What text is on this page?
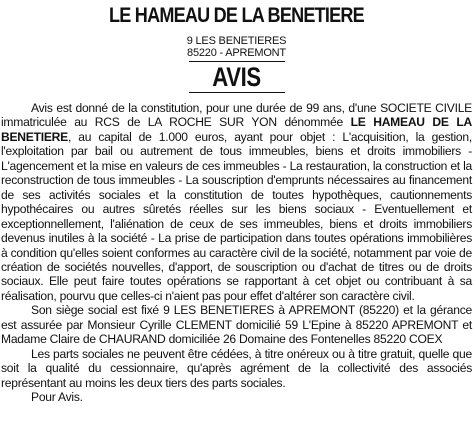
LE HAMEAU DE LA BENETIERE
9 LES BENETIERES
85220 - APREMONT
AVIS

Avis est donné de la constitution, pour une durée de 99 ans, d'une SOCIETE CIVILE immatriculée au RCS de LA ROCHE SUR YON dénommée LE HAMEAU DE LA BENETIERE, au capital de 1.000 euros, ayant pour objet : L'acquisition, la gestion, l'exploitation par bail ou autrement de tous immeubles, biens et droits immobiliers - L'agencement et la mise en valeurs de ces immeubles - La restauration, la construction et la reconstruction de tous immeubles - La souscription d'emprunts nécessaires au financement de ses activités sociales et la constitution de toutes hypothèques, cautionnements hypothécaires ou autres sûretés réelles sur les biens sociaux - Eventuellement et exceptionnellement, l'aliénation de ceux de ses immeubles, biens et droits immobiliers devenus inutiles à la société - La prise de participation dans toutes opérations immobilières à condition qu'elles soient conformes au caractère civil de la société, notamment par voie de création de sociétés nouvelles, d'apport, de souscription ou d'achat de titres ou de droits sociaux. Elle peut faire toutes opérations se rapportant à cet objet ou contribuant à sa réalisation, pourvu que celles-ci n'aient pas pour effet d'altérer son caractère civil.

Son siège social est fixé 9 LES BENETIERES à APREMONT (85220) et la gérance est assurée par Monsieur Cyrille CLEMENT domicilié 59 L'Epine à 85220 APREMONT et Madame Claire de CHAURAND domiciliée 26 Domaine des Fontenelles 85220 COEX

Les parts sociales ne peuvent être cédées, à titre onéreux ou à titre gratuit, quelle que soit la qualité du cessionnaire, qu'après agrément de la collectivité des associés représentant au moins les deux tiers des parts sociales.

Pour Avis.
